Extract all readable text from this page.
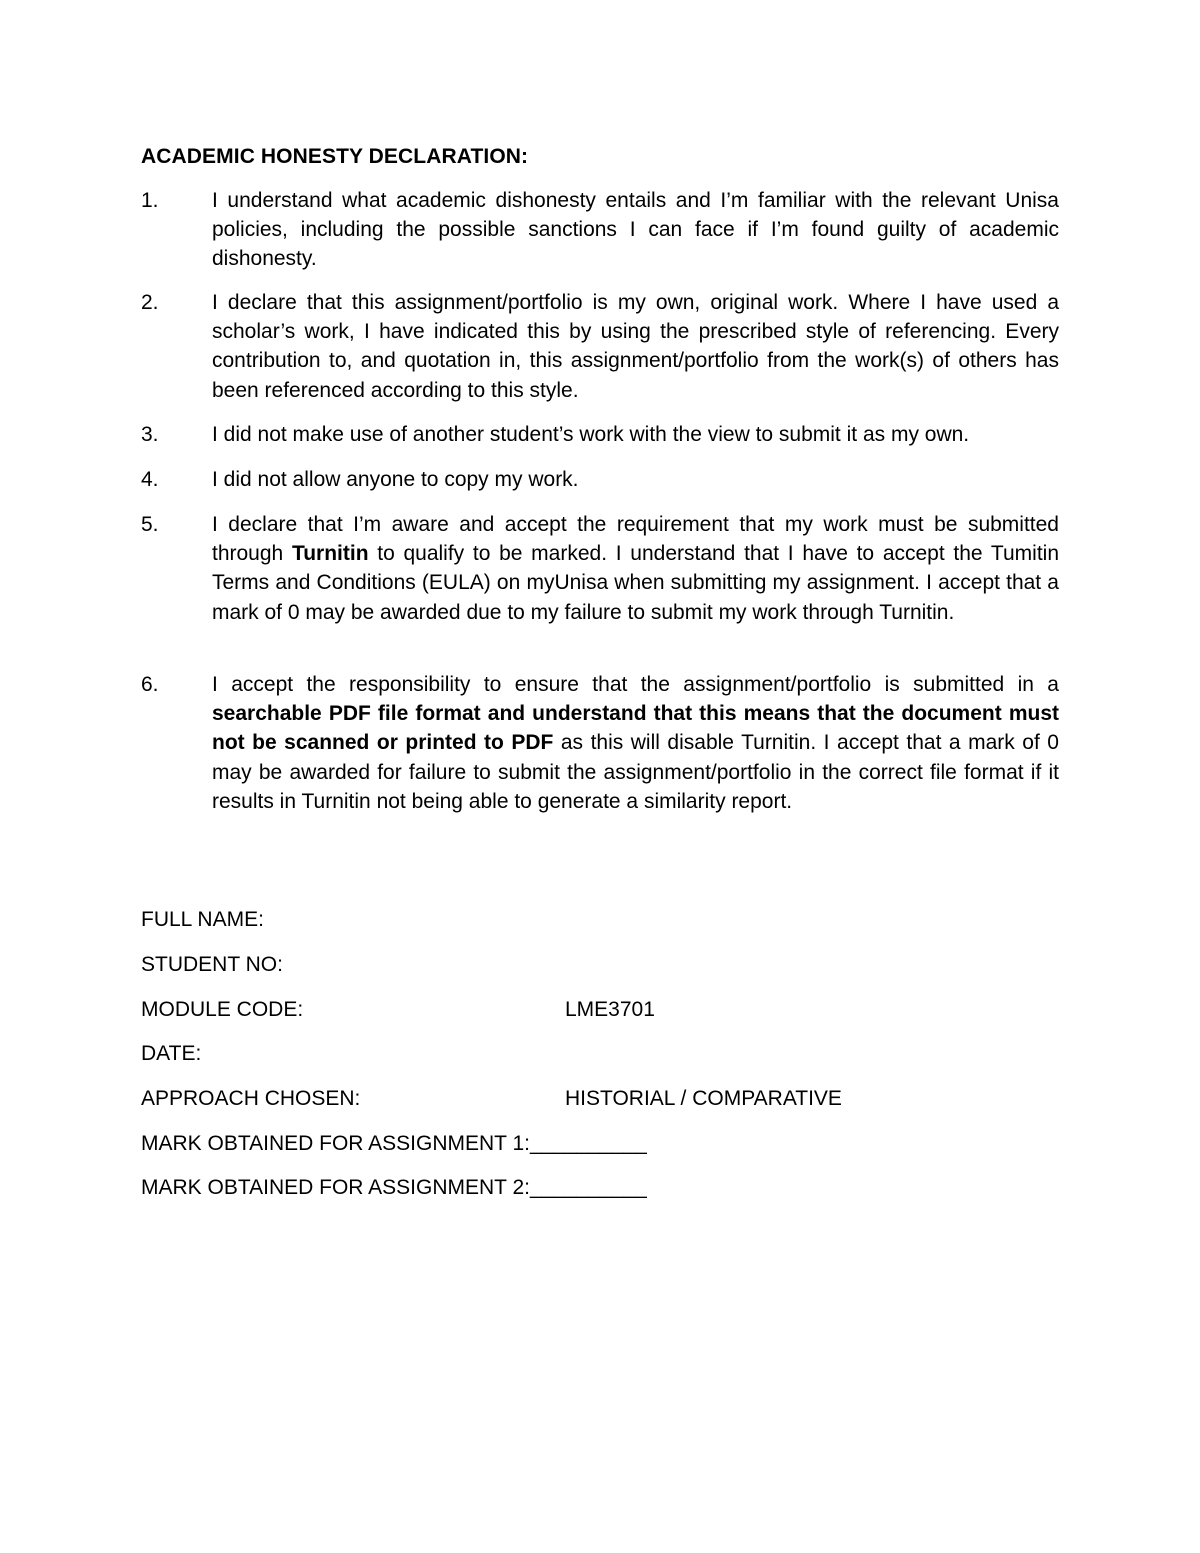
ACADEMIC HONESTY DECLARATION:
1.	I understand what academic dishonesty entails and I’m familiar with the relevant Unisa policies, including the possible sanctions I can face if I’m found guilty of academic dishonesty.
2.	I declare that this assignment/portfolio is my own, original work. Where I have used a scholar’s work, I have indicated this by using the prescribed style of referencing. Every contribution to, and quotation in, this assignment/portfolio from the work(s) of others has been referenced according to this style.
3.	I did not make use of another student’s work with the view to submit it as my own.
4.	I did not allow anyone to copy my work.
5.	I declare that I’m aware and accept the requirement that my work must be submitted through Turnitin to qualify to be marked. I understand that I have to accept the Tumitin Terms and Conditions (EULA) on myUnisa when submitting my assignment. I accept that a mark of 0 may be awarded due to my failure to submit my work through Turnitin.
6.	I accept the responsibility to ensure that the assignment/portfolio is submitted in a searchable PDF file format and understand that this means that the document must not be scanned or printed to PDF as this will disable Turnitin. I accept that a mark of 0 may be awarded for failure to submit the assignment/portfolio in the correct file format if it results in Turnitin not being able to generate a similarity report.
FULL NAME:
STUDENT NO:
MODULE CODE:	LME3701
DATE:
APPROACH CHOSEN:	HISTORIAL / COMPARATIVE
MARK OBTAINED FOR ASSIGNMENT 1:__________
MARK OBTAINED FOR ASSIGNMENT 2:__________
